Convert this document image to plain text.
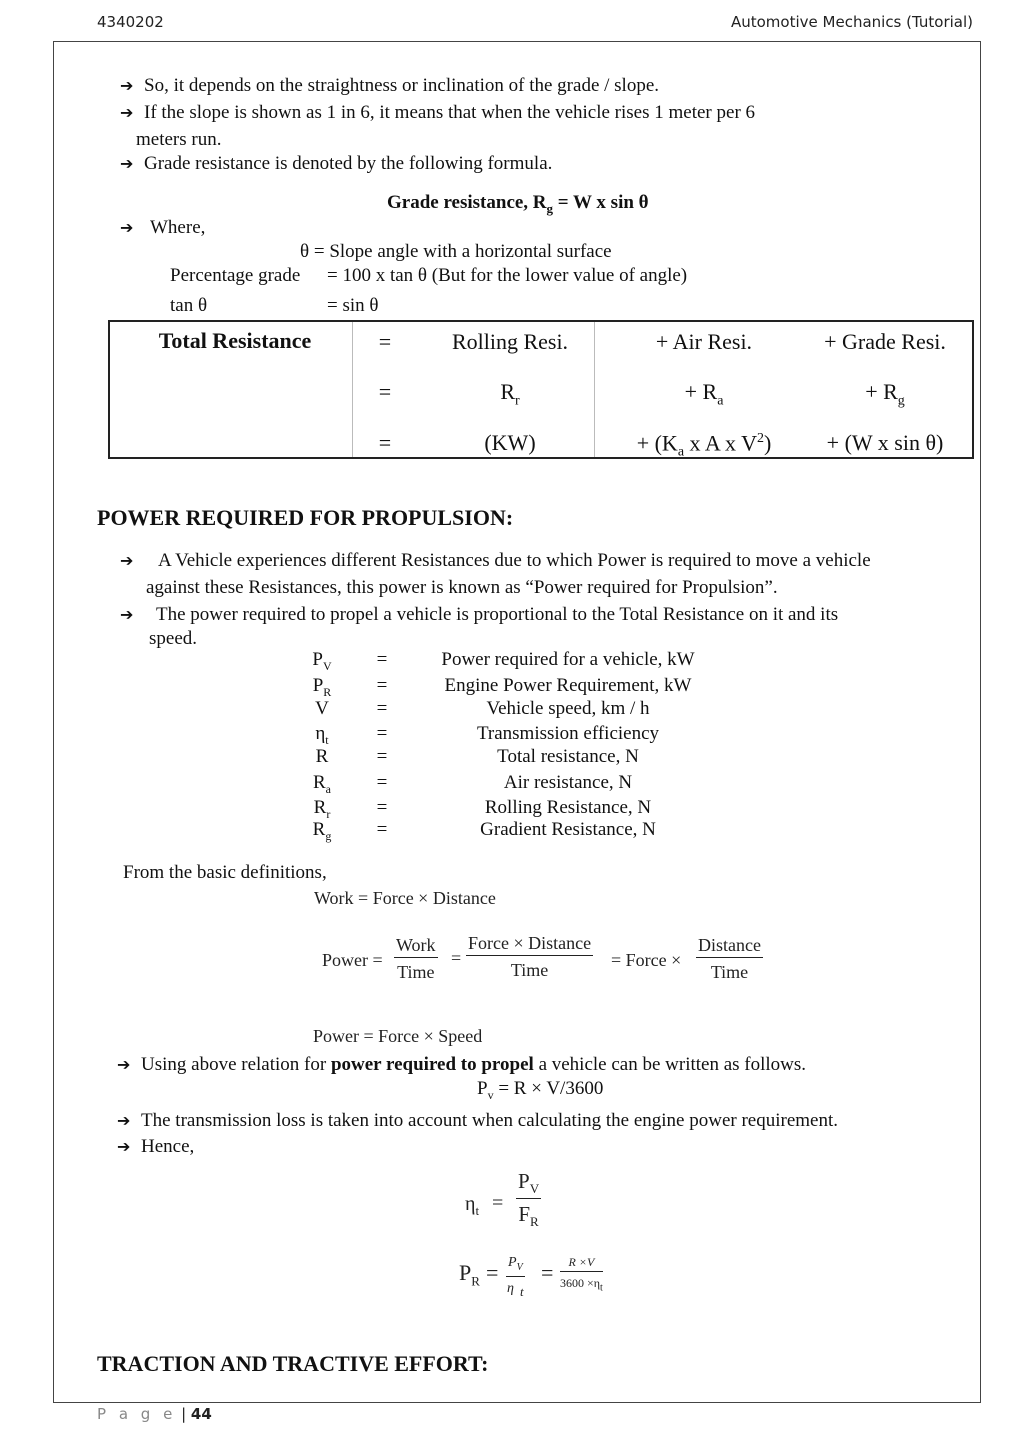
4340202	Automotive Mechanics (Tutorial)
➔ So, it depends on the straightness or inclination of the grade / slope.
➔ If the slope is shown as 1 in 6, it means that when the vehicle rises 1 meter per 6
meters run.
➔ Grade resistance is denoted by the following formula.
Grade resistance, $R_g = W$ x sin θ
➔ Where,
θ = Slope angle with a horizontal surface
Percentage grade = 100 x tan θ (But for the lower value of angle)
tan θ	= sin θ
Total Resistance	=	Rolling Resi.	+ Air Resi.	+ Grade Resi.
=	$R_r$	+ $R_a$	+ $R_g$
=	(KW)	+ ($K_a$ x A x $V^2$)	+ (W x sin θ)
POWER REQUIRED FOR PROPULSION:
➔ A Vehicle experiences different Resistances due to which Power is required to move a vehicle
against these Resistances, this power is known as “Power required for Propulsion”.
➔ The power required to propel a vehicle is proportional to the Total Resistance on it and its
speed.
$P_V$ =	Power required for a vehicle, kW
$P_R$ =	Engine Power Requirement, kW
V	=	Vehicle speed, km / h
$\eta_t$	=	Transmission efficiency
R	=	Total resistance, N
$R_a$ =	Air resistance, N
$R_r$ =	Rolling Resistance, N
$R_g$ =	Gradient Resistance, N
From the basic definitions,
Work = Force × Distance
Power =
Work
Time
=
Force × Distance
Time	= Force ×
Distance
Time
Power = Force × Speed
➔ Using above relation for power required to propel a vehicle can be written as follows.
$P_v = R \times V/3600$
➔ The transmission loss is taken into account when calculating the engine power requirement.
➔ Hence,
$\eta_t = \frac{P_V}{F_R}$
$P_R = \frac{P_V}{\eta _t} = \frac{R \times V}{3600 \times\eta_t}$
TRACTION AND TRACTIVE EFFORT:
P a g e | 44
